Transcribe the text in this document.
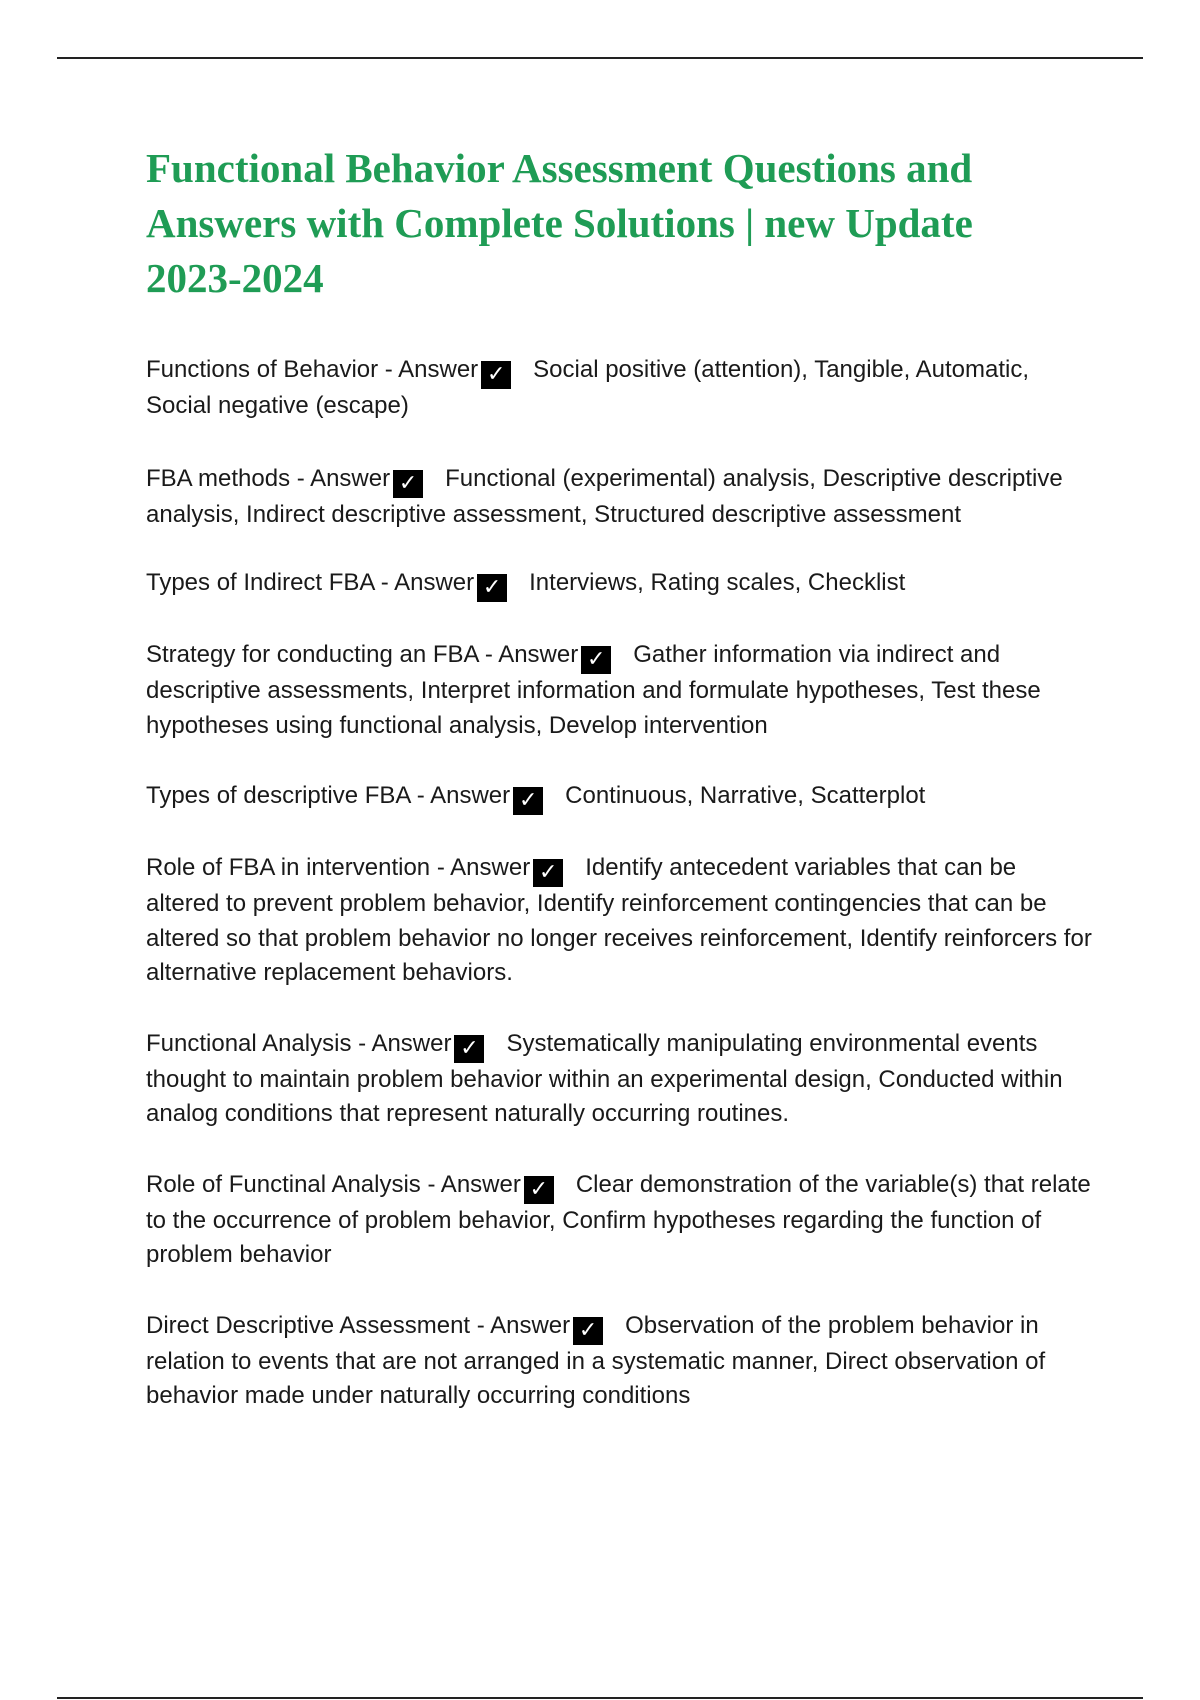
Functional Behavior Assessment Questions and Answers with Complete Solutions | new Update 2023-2024

Functions of Behavior - Answer ✓ Social positive (attention), Tangible, Automatic, Social negative (escape)

FBA methods - Answer ✓ Functional (experimental) analysis, Descriptive descriptive analysis, Indirect descriptive assessment, Structured descriptive assessment

Types of Indirect FBA - Answer ✓ Interviews, Rating scales, Checklist

Strategy for conducting an FBA - Answer ✓ Gather information via indirect and descriptive assessments, Interpret information and formulate hypotheses, Test these hypotheses using functional analysis, Develop intervention

Types of descriptive FBA - Answer ✓ Continuous, Narrative, Scatterplot

Role of FBA in intervention - Answer ✓ Identify antecedent variables that can be altered to prevent problem behavior, Identify reinforcement contingencies that can be altered so that problem behavior no longer receives reinforcement, Identify reinforcers for alternative replacement behaviors.

Functional Analysis - Answer ✓ Systematically manipulating environmental events thought to maintain problem behavior within an experimental design, Conducted within analog conditions that represent naturally occurring routines.

Role of Functinal Analysis - Answer ✓ Clear demonstration of the variable(s) that relate to the occurrence of problem behavior, Confirm hypotheses regarding the function of problem behavior

Direct Descriptive Assessment - Answer ✓ Observation of the problem behavior in relation to events that are not arranged in a systematic manner, Direct observation of behavior made under naturally occurring conditions
